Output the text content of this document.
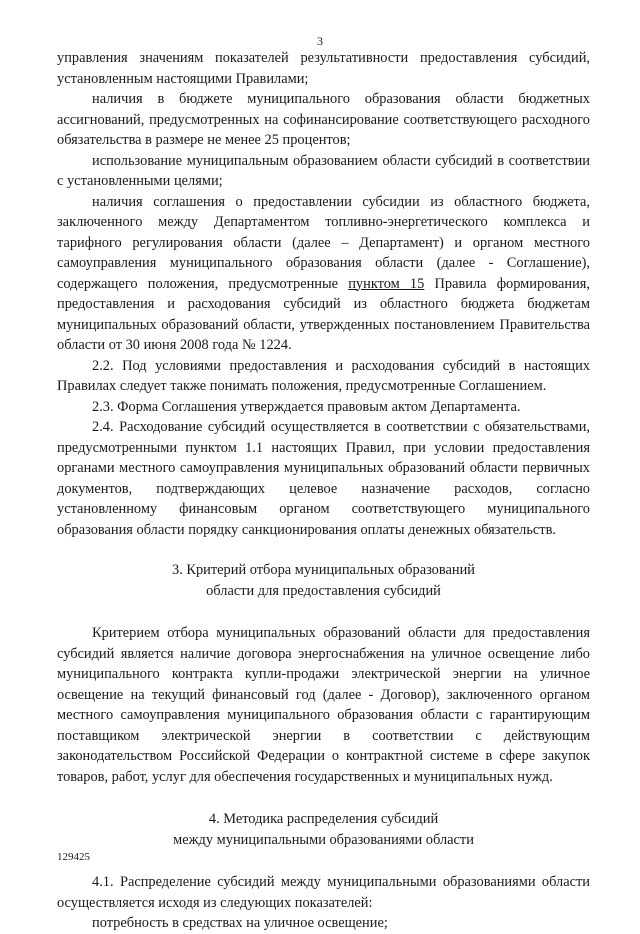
3

управления значениям показателей результативности предоставления субсидий, установленным настоящими Правилами;

наличия в бюджете муниципального образования области бюджетных ассигнований, предусмотренных на софинансирование соответствующего расходного обязательства в размере не менее 25 процентов;

использование муниципальным образованием области субсидий в соответствии с установленными целями;

наличия соглашения о предоставлении субсидии из областного бюджета, заключенного между Департаментом топливно-энергетического комплекса и тарифного регулирования области (далее – Департамент) и органом местного самоуправления муниципального образования области (далее - Соглашение), содержащего положения, предусмотренные пунктом 15 Правила формирования, предоставления и расходования субсидий из областного бюджета бюджетам муниципальных образований области, утвержденных постановлением Правительства области от 30 июня 2008 года № 1224.

2.2. Под условиями предоставления и расходования субсидий в настоящих Правилах следует также понимать положения, предусмотренные Соглашением.

2.3. Форма Соглашения утверждается правовым актом Департамента.

2.4. Расходование субсидий осуществляется в соответствии с обязательствами, предусмотренными пунктом 1.1 настоящих Правил, при условии предоставления органами местного самоуправления муниципальных образований области первичных документов, подтверждающих целевое назначение расходов, согласно установленному финансовым органом соответствующего муниципального образования области порядку санкционирования оплаты денежных обязательств.

3. Критерий отбора муниципальных образований

области для предоставления субсидий

Критерием отбора муниципальных образований области для предоставления субсидий является наличие договора энергоснабжения на уличное освещение либо муниципального контракта купли-продажи электрической энергии на уличное освещение на текущий финансовый год (далее - Договор), заключенного органом местного самоуправления муниципального образования области с гарантирующим поставщиком электрической энергии в соответствии с действующим законодательством Российской Федерации о контрактной системе в сфере закупок товаров, работ, услуг для обеспечения государственных и муниципальных нужд.

4. Методика распределения субсидий

между муниципальными образованиями области

4.1. Распределение субсидий между муниципальными образованиями области осуществляется исходя из следующих показателей:

потребность в средствах на уличное освещение;

129425
